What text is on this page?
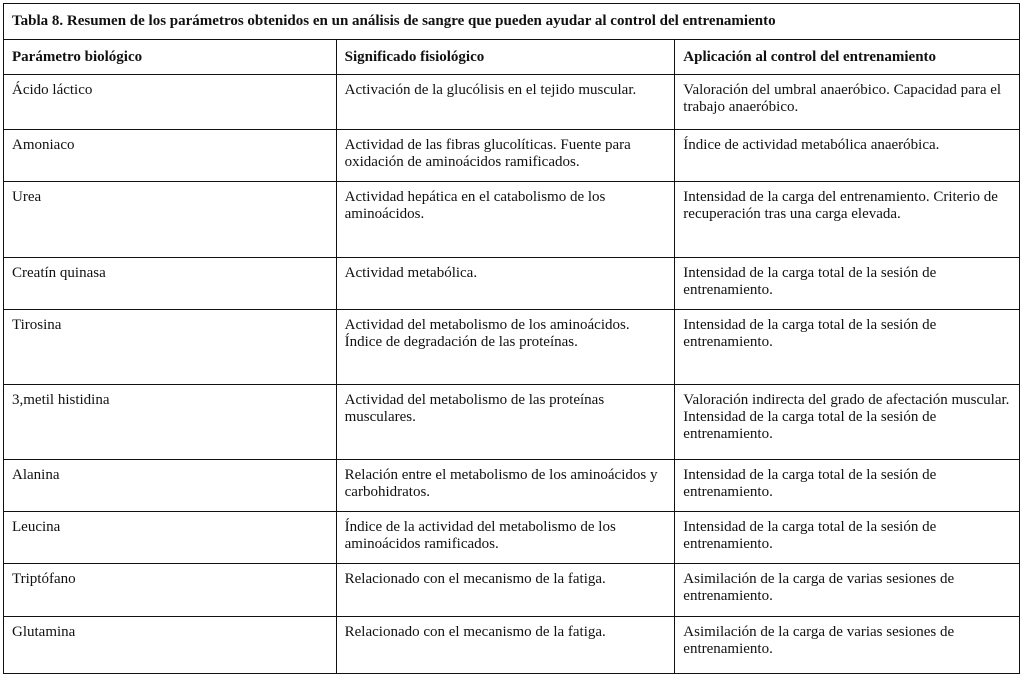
Tabla 8. Resumen de los parámetros obtenidos en un análisis de sangre que pueden ayudar al control del entrenamiento		
Parámetro biológico	Significado fisiológico	Aplicación al control del entrenamiento
Ácido láctico	Activación de la glucólisis en el tejido muscular.	Valoración del umbral anaeróbico. Capacidad para el trabajo anaeróbico.
Amoniaco	Actividad de las fibras glucolíticas. Fuente para oxidación de aminoácidos ramificados.	Índice de actividad metabólica anaeróbica.
Urea	Actividad hepática en el catabolismo de los aminoácidos.	Intensidad de la carga del entrenamiento. Criterio de recuperación tras una carga elevada.
Creatín quinasa	Actividad metabólica.	Intensidad de la carga total de la sesión de entrenamiento.
Tirosina	Actividad del metabolismo de los aminoácidos. Índice de degradación de las proteínas.	Intensidad de la carga total de la sesión de entrenamiento.
3,metil histidina	Actividad del metabolismo de las proteínas musculares.	Valoración indirecta del grado de afectación muscular. Intensidad de la carga total de la sesión de entrenamiento.
Alanina	Relación entre el metabolismo de los aminoácidos y carbohidratos.	Intensidad de la carga total de la sesión de entrenamiento.
Leucina	Índice de la actividad del metabolismo de los aminoácidos ramificados.	Intensidad de la carga total de la sesión de entrenamiento.
Triptófano	Relacionado con el mecanismo de la fatiga.	Asimilación de la carga de varias sesiones de entrenamiento.
Glutamina	Relacionado con el mecanismo de la fatiga.	Asimilación de la carga de varias sesiones de entrenamiento.
